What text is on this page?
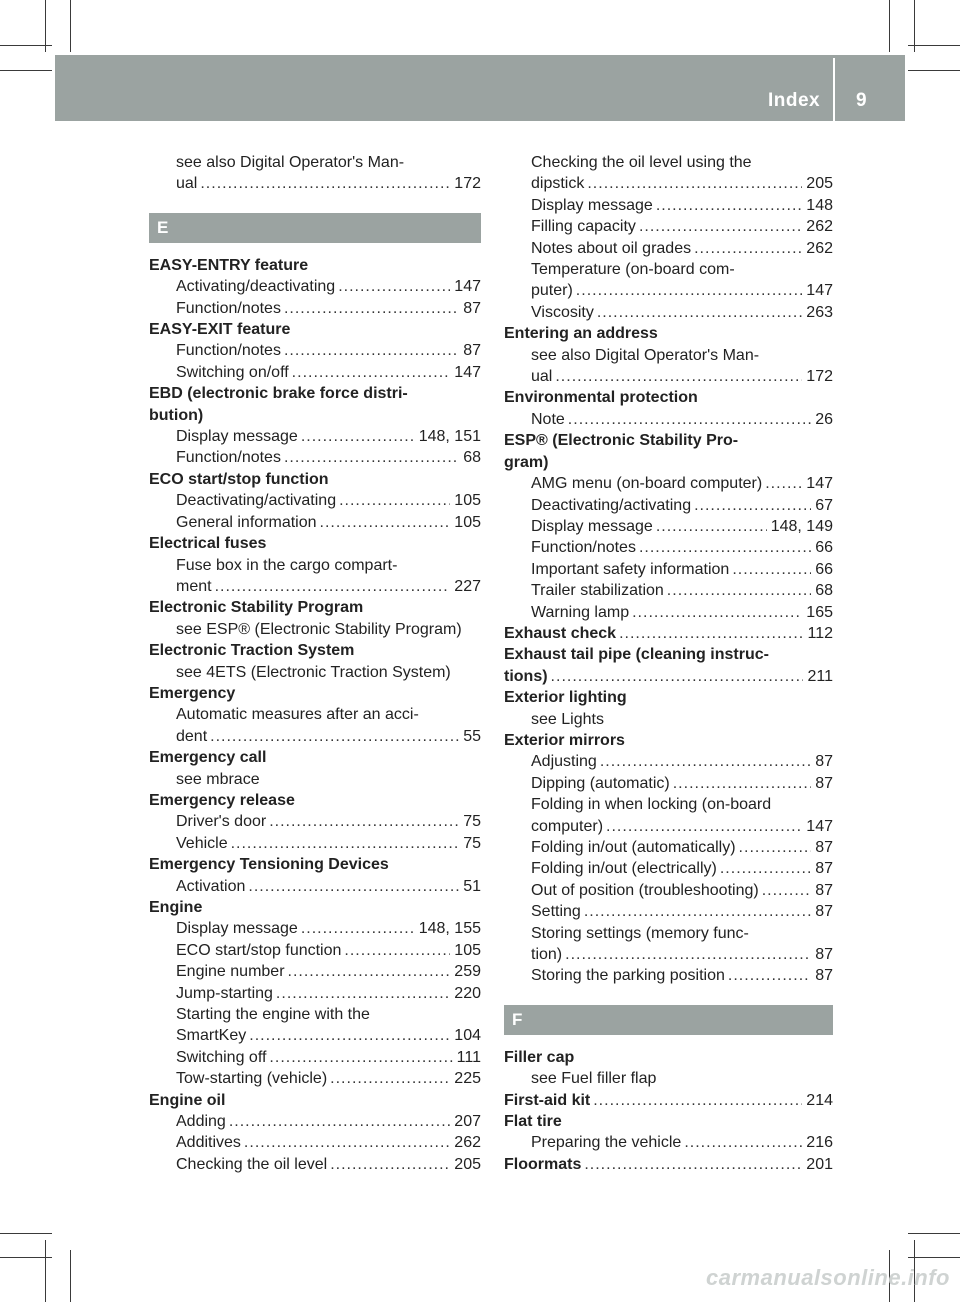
Index 9
see also Digital Operator's Man-
ual .....	172
E
EASY-ENTRY feature
Activating/deactivating .....	147
Function/notes .....	87
EASY-EXIT feature
Function/notes .....	87
Switching on/off .....	147
EBD (electronic brake force distri-
bution)
Display message .....	148, 151
Function/notes .....	68
ECO start/stop function
Deactivating/activating .....	105
General information .....	105
Electrical fuses
Fuse box in the cargo compart-
ment .....	227
Electronic Stability Program
see ESP® (Electronic Stability Program)
Electronic Traction System
see 4ETS (Electronic Traction System)
Emergency
Automatic measures after an acci-
dent .....	55
Emergency call
see mbrace
Emergency release
Driver's door .....	75
Vehicle .....	75
Emergency Tensioning Devices
Activation .....	51
Engine
Display message .....	148, 155
ECO start/stop function .....	105
Engine number .....	259
Jump-starting .....	220
Starting the engine with the
SmartKey .....	104
Switching off .....	111
Tow-starting (vehicle) .....	225
Engine oil
Adding .....	207
Additives .....	262
Checking the oil level .....	205
Checking the oil level using the
dipstick .....	205
Display message .....	148
Filling capacity .....	262
Notes about oil grades .....	262
Temperature (on-board com-
puter) .....	147
Viscosity .....	263
Entering an address
see also Digital Operator's Man-
ual .....	172
Environmental protection
Note .....	26
ESP® (Electronic Stability Pro-
gram)
AMG menu (on-board computer) .....	147
Deactivating/activating .....	67
Display message .....	148, 149
Function/notes .....	66
Important safety information .....	66
Trailer stabilization .....	68
Warning lamp .....	165
Exhaust check .....	112
Exhaust tail pipe (cleaning instruc-
tions) .....	211
Exterior lighting
see Lights
Exterior mirrors
Adjusting .....	87
Dipping (automatic) .....	87
Folding in when locking (on-board
computer) .....	147
Folding in/out (automatically) .....	87
Folding in/out (electrically) .....	87
Out of position (troubleshooting) .....	87
Setting .....	87
Storing settings (memory func-
tion) .....	87
Storing the parking position .....	87
F
Filler cap
see Fuel filler flap
First-aid kit .....	214
Flat tire
Preparing the vehicle .....	216
Floormats .....	201
carmanualsonline.info
